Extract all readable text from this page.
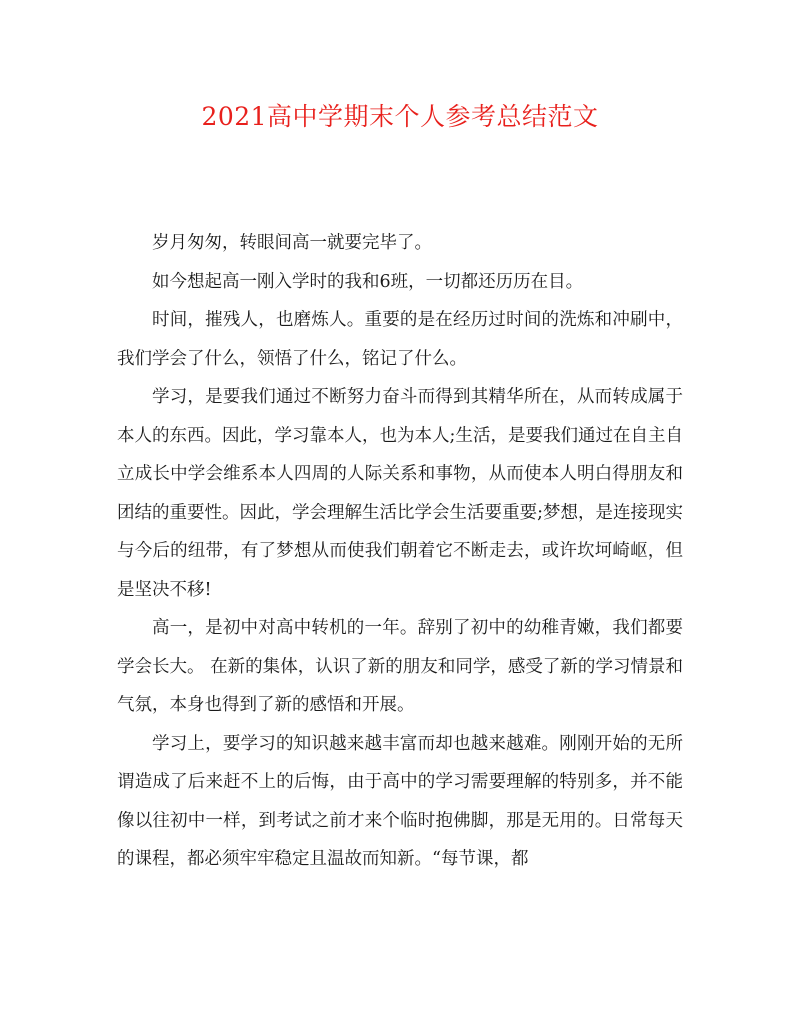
2021高中学期末个人参考总结范文

岁月匆匆，转眼间高一就要完毕了。

如今想起高一刚入学时的我和6班，一切都还历历在目。

时间，摧残人，也磨炼人。重要的是在经历过时间的洗炼和冲刷中，我们学会了什么，领悟了什么，铭记了什么。

学习，是要我们通过不断努力奋斗而得到其精华所在，从而转成属于本人的东西。因此，学习靠本人，也为本人;生活，是要我们通过在自主自立成长中学会维系本人四周的人际关系和事物，从而使本人明白得朋友和团结的重要性。因此，学会理解生活比学会生活要重要;梦想，是连接现实与今后的纽带，有了梦想从而使我们朝着它不断走去，或许坎坷崎岖，但是坚决不移!

高一，是初中对高中转机的一年。辞别了初中的幼稚青嫩，我们都要学会长大。 在新的集体，认识了新的朋友和同学，感受了新的学习情景和气氛，本身也得到了新的感悟和开展。

学习上，要学习的知识越来越丰富而却也越来越难。刚刚开始的无所谓造成了后来赶不上的后悔，由于高中的学习需要理解的特别多，并不能像以往初中一样，到考试之前才来个临时抱佛脚，那是无用的。日常每天的课程，都必须牢牢稳定且温故而知新。“每节课，都
